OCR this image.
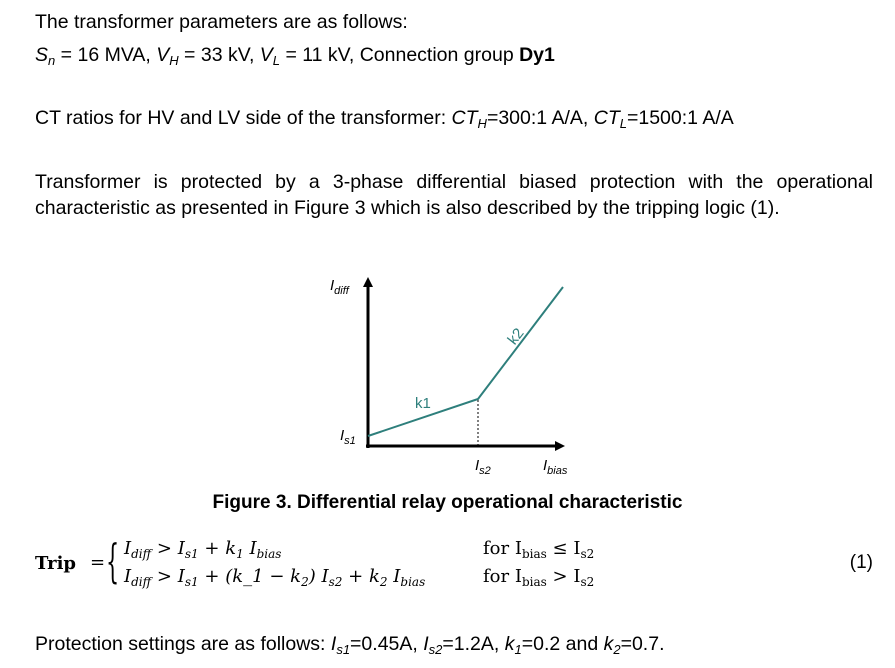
The transformer parameters are as follows:

$S_n = 16$ MVA, $V_H = 33$ kV, $V_L = 11$ kV, Connection group Dy1

CT ratios for HV and LV side of the transformer: $CT_H=300:1$ A/A, $CT_L=1500:1$ A/A

Transformer is protected by a 3-phase differential biased protection with the operational characteristic as presented in Figure 3 which is also described by the tripping logic (1).

$I_{diff}$
$I_{s1}$
$I_{s2}$	$I_{bias}$
k1
k2
Figure 3. Differential relay operational characteristic
Trip = { $I_{diff} > I_{s1} + k_1$ $I_{bias}$
$I_{diff} > I_{s1}$ + (k_1 − $k_2$) $I_{s2} + k_2$ $I_{bias}$
for $I_{bias} \le I_{s2}$
for $I_{bias} > I_{s2}$
(1)

Protection settings are as follows: $I_{s1}=0.45A$, $I_{s2}=1.2A$, $k_1=0.2$ and $k_2=0.7$.
